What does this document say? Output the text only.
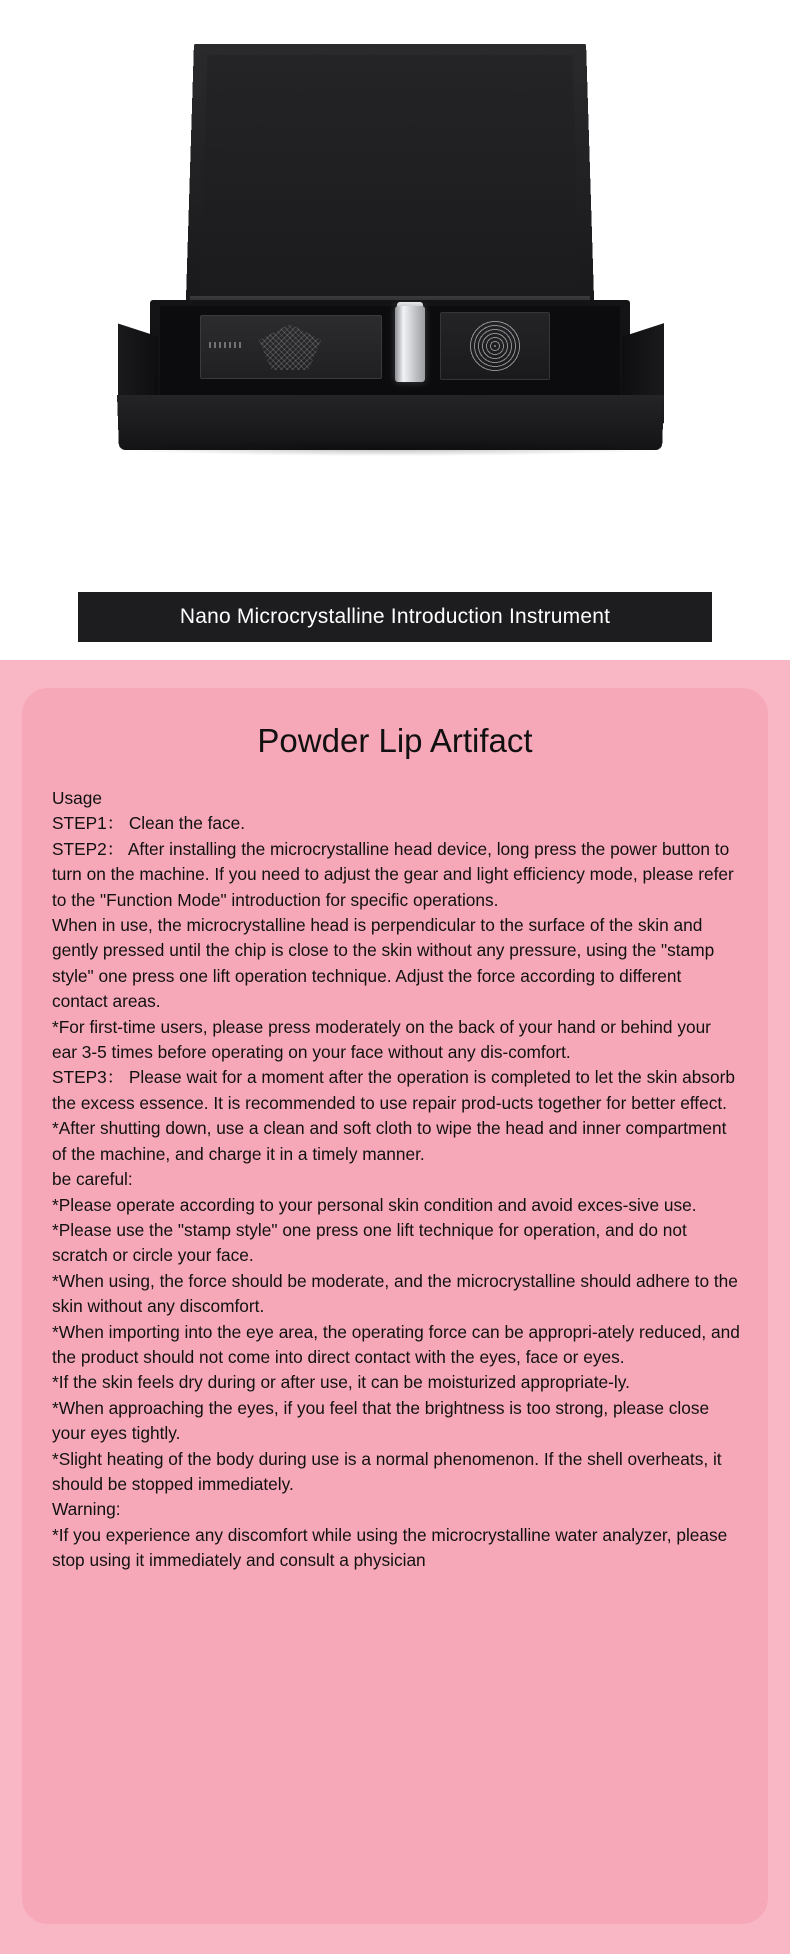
Nano Microcrystalline Introduction Instrument
Powder Lip Artifact

Usage

STEP1： Clean the face.

STEP2： After installing the microcrystalline head device, long press the power button to turn on the machine. If you need to adjust the gear and light efficiency mode, please refer to the "Function Mode" introduction for specific operations.

When in use, the microcrystalline head is perpendicular to the surface of the skin and gently pressed until the chip is close to the skin without any pressure, using the "stamp style" one press one lift operation technique. Adjust the force according to different contact areas.

*For first-time users, please press moderately on the back of your hand or behind your ear 3-5 times before operating on your face without any dis-comfort.

STEP3： Please wait for a moment after the operation is completed to let the skin absorb the excess essence. It is recommended to use repair prod-ucts together for better effect.

*After shutting down, use a clean and soft cloth to wipe the head and inner compartment of the machine, and charge it in a timely manner.

be careful:

*Please operate according to your personal skin condition and avoid exces-sive use.

*Please use the "stamp style" one press one lift technique for operation, and do not scratch or circle your face.

*When using, the force should be moderate, and the microcrystalline should adhere to the skin without any discomfort.

*When importing into the eye area, the operating force can be appropri-ately reduced, and the product should not come into direct contact with the eyes, face or eyes.

*If the skin feels dry during or after use, it can be moisturized appropriate-ly.

*When approaching the eyes, if you feel that the brightness is too strong, please close your eyes tightly.

*Slight heating of the body during use is a normal phenomenon. If the shell overheats, it should be stopped immediately.

Warning:

*If you experience any discomfort while using the microcrystalline water analyzer, please stop using it immediately and consult a physician
